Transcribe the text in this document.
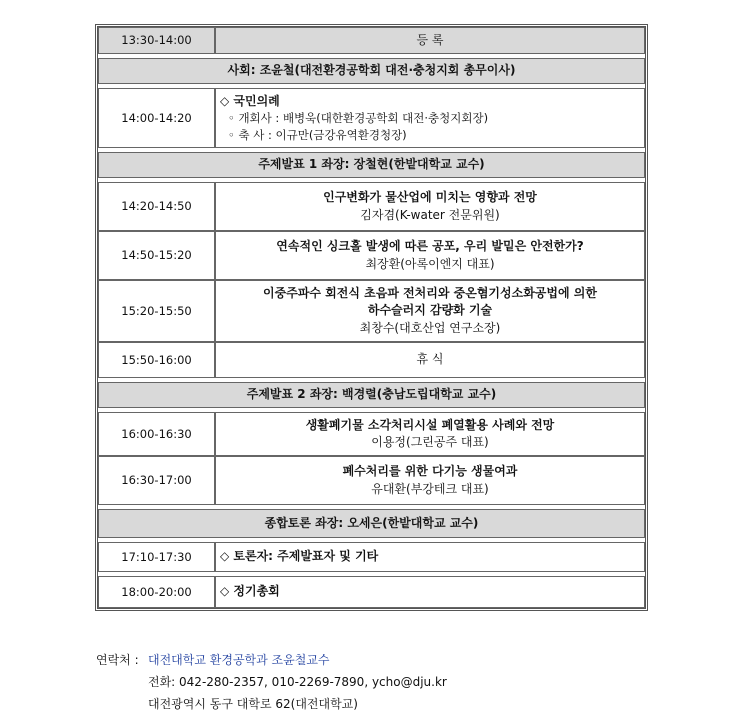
13:30-14:00	등 록

사회: 조윤철(대전환경공학회 대전·충청지회 총무이사)	

14:00-14:20	◇ 국민의례
◦ 개회사 : 배병욱(대한환경공학회 대전·충청지회장)
◦ 축 사 : 이규만(금강유역환경청장)

주제발표 1 좌장: 장철현(한밭대학교 교수)	

14:20-14:50	인구변화가 물산업에 미치는 영향과 전망
김자겸(K-water 전문위원)

14:50-15:20	연속적인 싱크홀 발생에 따른 공포, 우리 발밑은 안전한가?
최장환(아록이엔지 대표)

15:20-15:50	이중주파수 회전식 초음파 전처리와 중온혐기성소화공법에 의한
하수슬러지 감량화 기술
최창수(대호산업 연구소장)

15:50-16:00	휴 식

주제발표 2 좌장: 백경렬(충남도립대학교 교수)	

16:00-16:30	생활폐기물 소각처리시설 폐열활용 사례와 전망
이용정(그린공주 대표)

16:30-17:00	폐수처리를 위한 다기능 생물여과
유대환(부강테크 대표)

종합토론 좌장: 오세은(한밭대학교 교수)	

17:10-17:30	◇ 토론자: 주제발표자 및 기타

18:00-20:00	◇ 정기총회
연락처 : 대전대학교 환경공학과 조윤철교수
전화: 042-280-2357, 010-2269-7890, ycho@dju.kr
대전광역시 동구 대학로 62(대전대학교)
